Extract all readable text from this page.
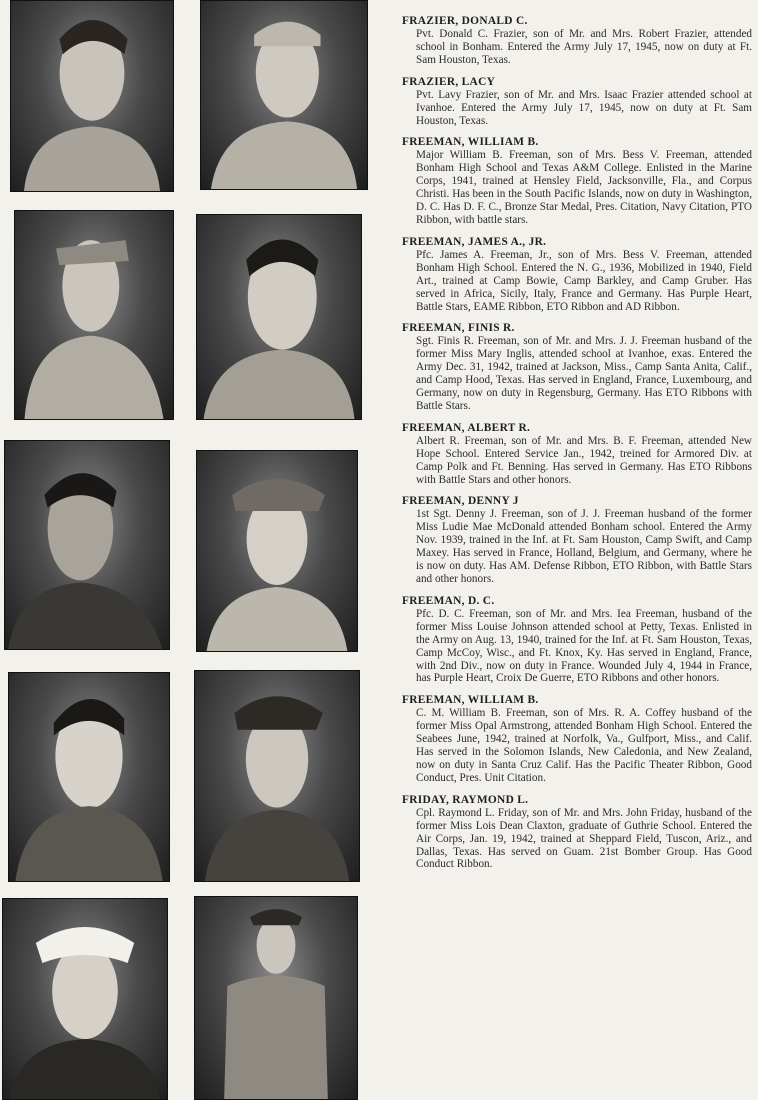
FRAZIER, DONALD C.
Pvt. Donald C. Frazier, son of Mr. and Mrs. Robert Frazier, attended school in Bonham. Entered the Army July 17, 1945, now on duty at Ft. Sam Houston, Texas.
FRAZIER, LACY
Pvt. Lavy Frazier, son of Mr. and Mrs. Isaac Frazier attended school at Ivanhoe. Entered the Army July 17, 1945, now on duty at Ft. Sam Houston, Texas.
FREEMAN, WILLIAM B.
Major William B. Freeman, son of Mrs. Bess V. Freeman, attended Bonham High School and Texas A&M College. Enlisted in the Marine Corps, 1941, trained at Hensley Field, Jacksonville, Fla., and Corpus Christi. Has been in the South Pacific Islands, now on duty in Washington, D. C. Has D. F. C., Bronze Star Medal, Pres. Citation, Navy Citation, PTO Ribbon, with battle stars.
FREEMAN, JAMES A., JR.
Pfc. James A. Freeman, Jr., son of Mrs. Bess V. Freeman, attended Bonham High School. Entered the N. G., 1936, Mobilized in 1940, Field Art., trained at Camp Bowie, Camp Barkley, and Camp Gruber. Has served in Africa, Sicily, Italy, France and Germany. Has Purple Heart, Battle Stars, EAME Ribbon, ETO Ribbon and AD Ribbon.
FREEMAN, FINIS R.
Sgt. Finis R. Freeman, son of Mr. and Mrs. J. J. Freeman husband of the former Miss Mary Inglis, attended school at Ivanhoe, exas. Entered the Army Dec. 31, 1942, trained at Jackson, Miss., Camp Santa Anita, Calif., and Camp Hood, Texas. Has served in England, France, Luxembourg, and Germany, now on duty in Regensburg, Germany. Has ETO Ribbons with Battle Stars.
FREEMAN, ALBERT R.
Albert R. Freeman, son of Mr. and Mrs. B. F. Freeman, attended New Hope School. Entered Service Jan., 1942, treined for Armored Div. at Camp Polk and Ft. Benning. Has served in Germany. Has ETO Ribbons with Battle Stars and other honors.
FREEMAN, DENNY J
1st Sgt. Denny J. Freeman, son of J. J. Freeman husband of the former Miss Ludie Mae McDonald attended Bonham school. Entered the Army Nov. 1939, trained in the Inf. at Ft. Sam Houston, Camp Swift, and Camp Maxey. Has served in France, Holland, Belgium, and Germany, where he is now on duty. Has AM. Defense Ribbon, ETO Ribbon, with Battle Stars and other honors.
FREEMAN, D. C.
Pfc. D. C. Freeman, son of Mr. and Mrs. Iea Freeman, husband of the former Miss Louise Johnson attended school at Petty, Texas. Enlisted in the Army on Aug. 13, 1940, trained for the Inf. at Ft. Sam Houston, Texas, Camp McCoy, Wisc., and Ft. Knox, Ky. Has served in England, France, with 2nd Div., now on duty in France. Wounded July 4, 1944 in France, has Purple Heart, Croix De Guerre, ETO Ribbons and other honors.
FREEMAN, WILLIAM B.
C. M. William B. Freeman, son of Mrs. R. A. Coffey husband of the former Miss Opal Armstrong, attended Bonham High School. Entered the Seabees June, 1942, trained at Norfolk, Va., Gulfport, Miss., and Calif. Has served in the Solomon Islands, New Caledonia, and New Zealand, now on duty in Santa Cruz Calif. Has the Pacific Theater Ribbon, Good Conduct, Pres. Unit Citation.
FRIDAY, RAYMOND L.
Cpl. Raymond L. Friday, son of Mr. and Mrs. John Friday, husband of the former Miss Lois Dean Claxton, graduate of Guthrie School. Entered the Air Corps, Jan. 19, 1942, trained at Sheppard Field, Tuscon, Ariz., and Dallas, Texas. Has served on Guam. 21st Bomber Group. Has Good Conduct Ribbon.
